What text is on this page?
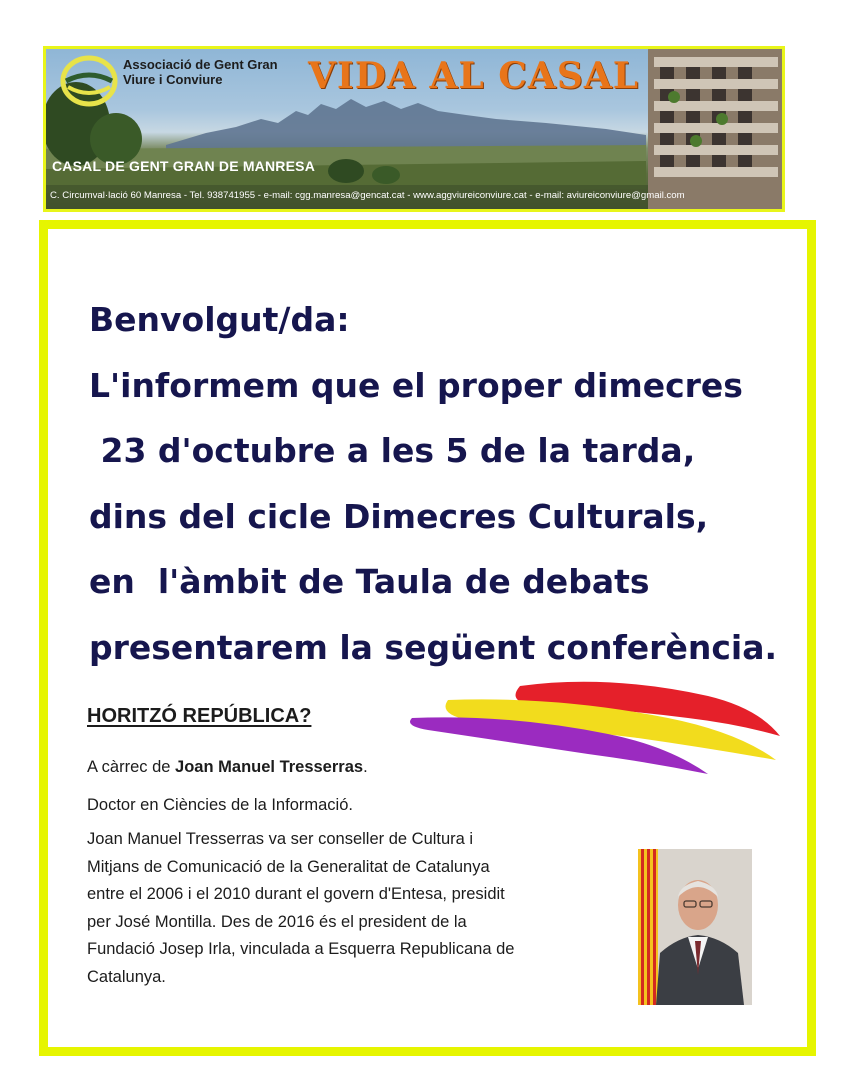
Associació de Gent Gran
Viure i Conviure	VIDA AL CASAL
CASAL DE GENT GRAN DE MANRESA
C. Circumval·lació 60 Manresa - Tel. 938741955 - e-mail: cgg.manresa@gencat.cat - www.aggviureiconviure.cat - e-mail: aviureiconviure@gmail.com
Benvolgut/da:
L'informem que el proper dimecres
23 d'octubre a les 5 de la tarda,
dins del cicle Dimecres Culturals,
en  l'àmbit de Taula de debats
presentarem la següent conferència.
HORITZÓ REPÚBLICA?
A càrrec de Joan Manuel Tresserras.
Doctor en Ciències de la Informació.
Joan Manuel Tresserras va ser conseller de Cultura i
Mitjans de Comunicació de la Generalitat de Catalunya
entre el 2006 i el 2010 durant el govern d'Entesa, presidit
per José Montilla. Des de 2016 és el president de la
Fundació Josep Irla, vinculada a Esquerra Republicana de
Catalunya.
